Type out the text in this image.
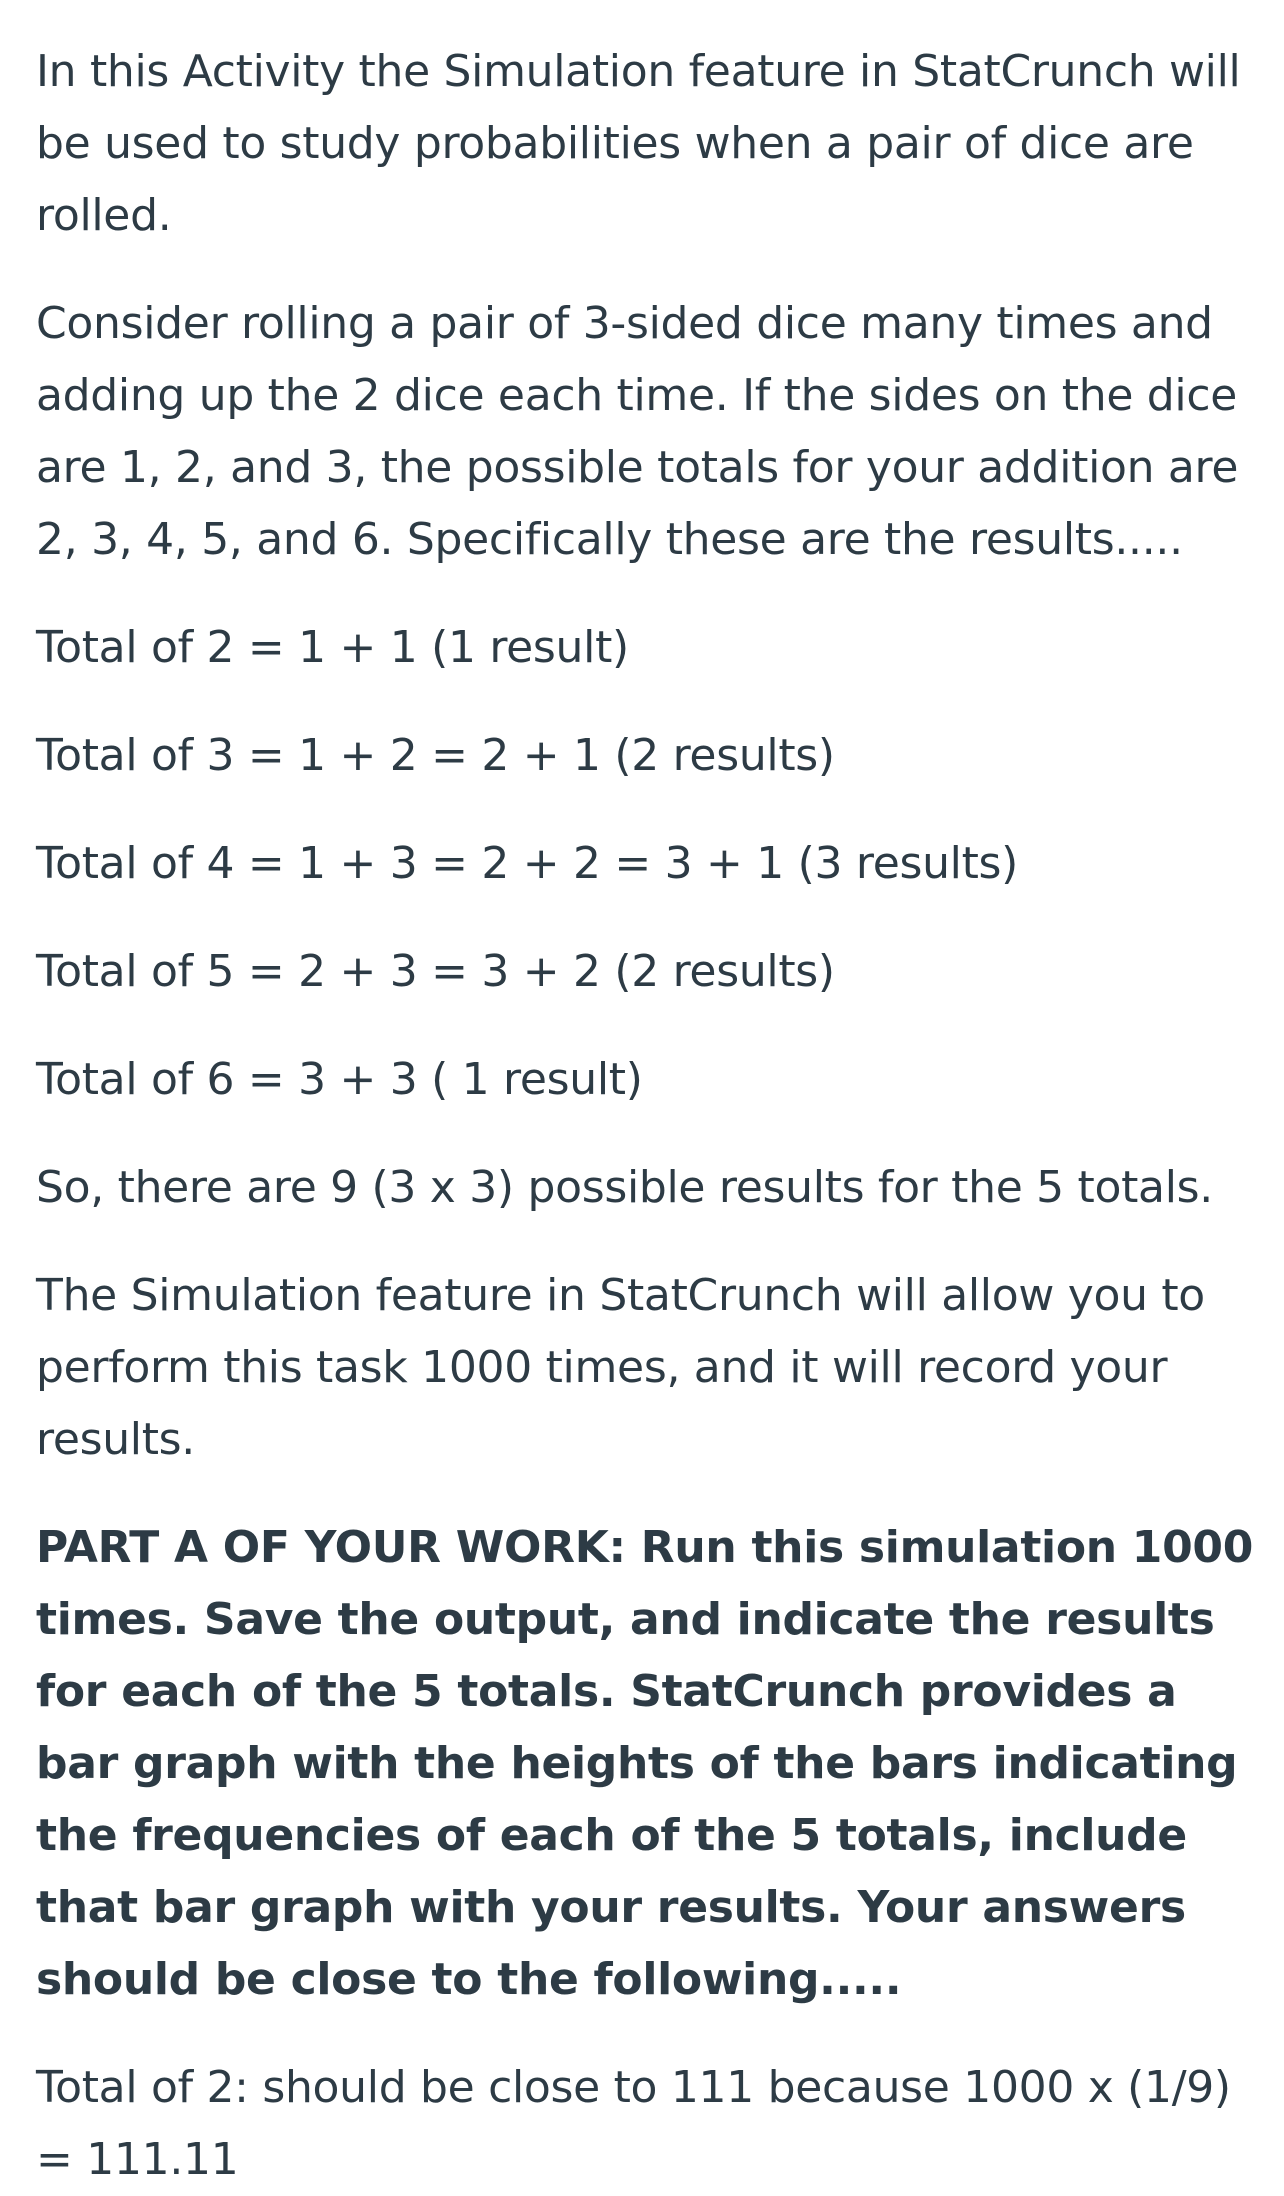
In this Activity the Simulation feature in StatCrunch will be used to study probabilities when a pair of dice are rolled.

Consider rolling a pair of 3-sided dice many times and adding up the 2 dice each time. If the sides on the dice are 1, 2, and 3, the possible totals for your addition are 2, 3, 4, 5, and 6. Specifically these are the results.....

Total of 2 = 1 + 1 (1 result)

Total of 3 = 1 + 2 = 2 + 1 (2 results)

Total of 4 = 1 + 3 = 2 + 2 = 3 + 1 (3 results)

Total of 5 = 2 + 3 = 3 + 2 (2 results)

Total of 6 = 3 + 3 ( 1 result)

So, there are 9 (3 x 3) possible results for the 5 totals.

The Simulation feature in StatCrunch will allow you to perform this task 1000 times, and it will record your results.

PART A OF YOUR WORK: Run this simulation 1000 times. Save the output, and indicate the results for each of the 5 totals. StatCrunch provides a bar graph with the heights of the bars indicating the frequencies of each of the 5 totals, include that bar graph with your results. Your answers should be close to the following.....

Total of 2: should be close to 111 because 1000 x (1/9) = 111.11
